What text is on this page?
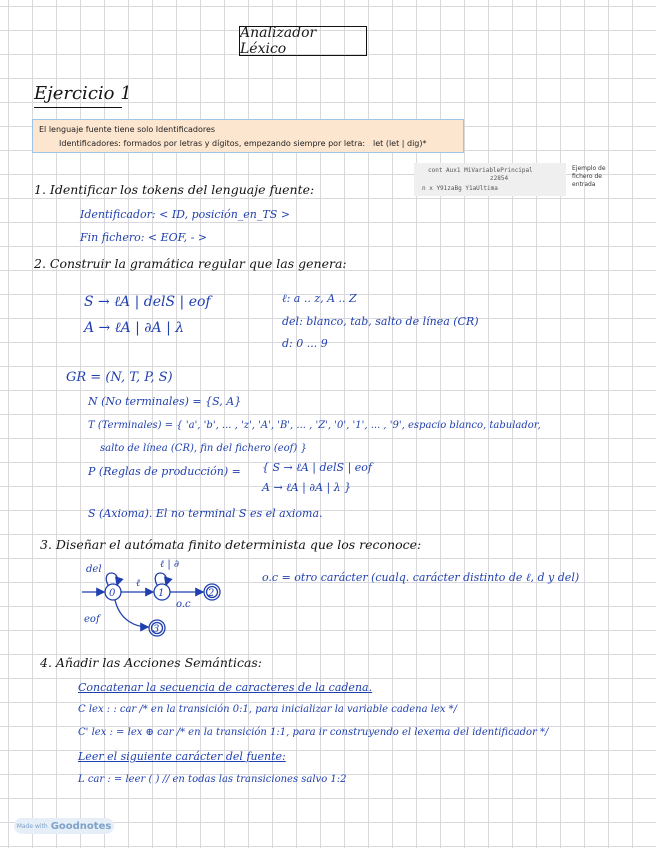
Analizador Léxico
Ejercicio 1
El lenguaje fuente tiene solo Identificadores
Identificadores: formados por letras y dígitos, empezando siempre por letra: let (let | dig)*
cont Aux1 MiVariablePrincipal
z2854
n x Y91zaBg Y1aUltima
Ejemplo de fichero de entrada
1. Identificar los tokens del lenguaje fuente:
Identificador: < ID, posición_en_TS >
Fin fichero: < EOF, - >
2. Construir la gramática regular que las genera:
S → ℓA | delS | eof
A → ℓA | ∂A | λ
ℓ: a .. z, A .. Z
del: blanco, tab, salto de línea (CR)
d: 0 ... 9
GR = (N, T, P, S)
N (No terminales) = {S, A}
T (Terminales) = { 'a', 'b', ... , 'z', 'A', 'B', ... , 'Z', '0', '1', ... , '9', espacio blanco, tabulador,
salto de línea (CR), fin del fichero (eof) }
P (Reglas de producción) = { S → ℓA | delS | eof
A → ℓA | ∂A | λ }
S (Axioma). El no terminal S es el axioma.
3. Diseñar el autómata finito determinista que los reconoce:
0	1	2
3
del
ℓ
ℓ | ∂
o.c
eof
o.c = otro carácter (cualq. carácter distinto de ℓ, d y del)
4. Añadir las Acciones Semánticas:
Concatenar la secuencia de caracteres de la cadena.
C lex : : car /* en la transición 0:1, para inicializar la variable cadena lex */
C' lex : = lex ⊕ car /* en la transición 1:1, para ir construyendo el lexema del identificador */
Leer el siguiente carácter del fuente:
L car : = leer ( ) // en todas las transiciones salvo 1:2
Made with Goodnotes
